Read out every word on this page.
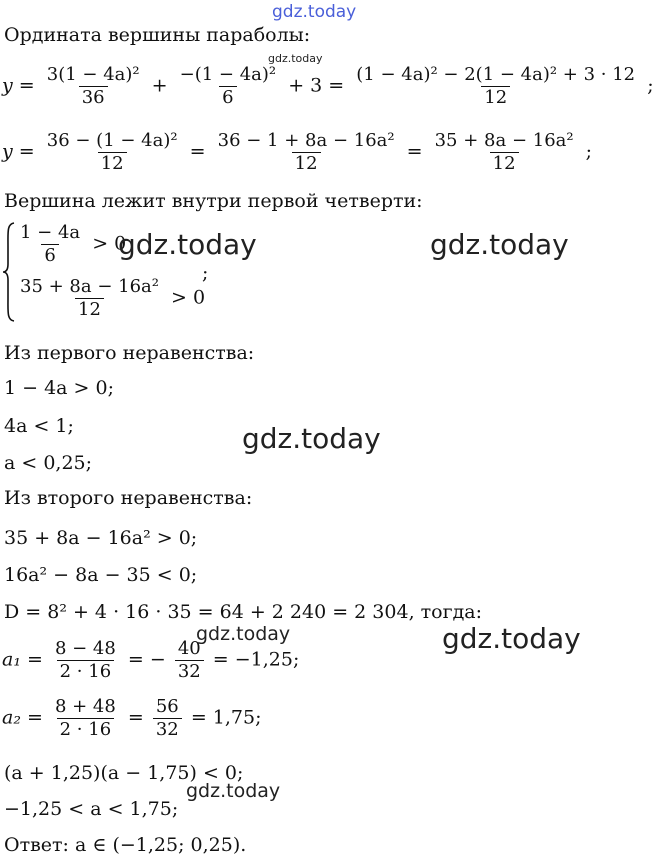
gdz.today
Ордината вершины параболы:
gdz.today
$y = \frac{\text{3(1 − 4a)²}}{36} + \frac{\text{−(1 − 4a)²}}{6} + 3 = \frac{\text{(1 − 4a)² − 2(1 − 4a)² + 3 · 12}}{12}$ ;
$y = \frac{\text{36 − (1 − 4a)²}}{12} = \frac{\text{36 − 1 + 8a − 16a²}}{12} = \frac{\text{35 + 8a − 16a²}}{12}$ ;
Вершина лежит внутри первой четверти:
$\frac{1 - 4a}{6} > 0$
gdz.today	gdz.today
;
$\frac{\text{35 + 8a − 16a²}}{12} > 0$
Из первого неравенства:
1 − 4a > 0;
4a < 1;	gdz.today
a < 0,25;
Из второго неравенства:
35 + 8a − 16a² > 0;
16a² − 8a − 35 < 0;
D = 8² + 4 · 16 · 35 = 64 + 2 240 = 2 304, тогда:
gdz.today	gdz.today
$a_1 = \frac{8 - 48}{2 \cdot 16}$ = − $\frac{40}{32} = -1,25$;
$a_2 = \frac{8 + 48}{2 \cdot 16} = \frac{56}{32} = 1,75$;
(a + 1,25)(a − 1,75) < 0;
−1,25 < a < 1,75;
gdz.today
Ответ: a ∈ (−1,25; 0,25).
